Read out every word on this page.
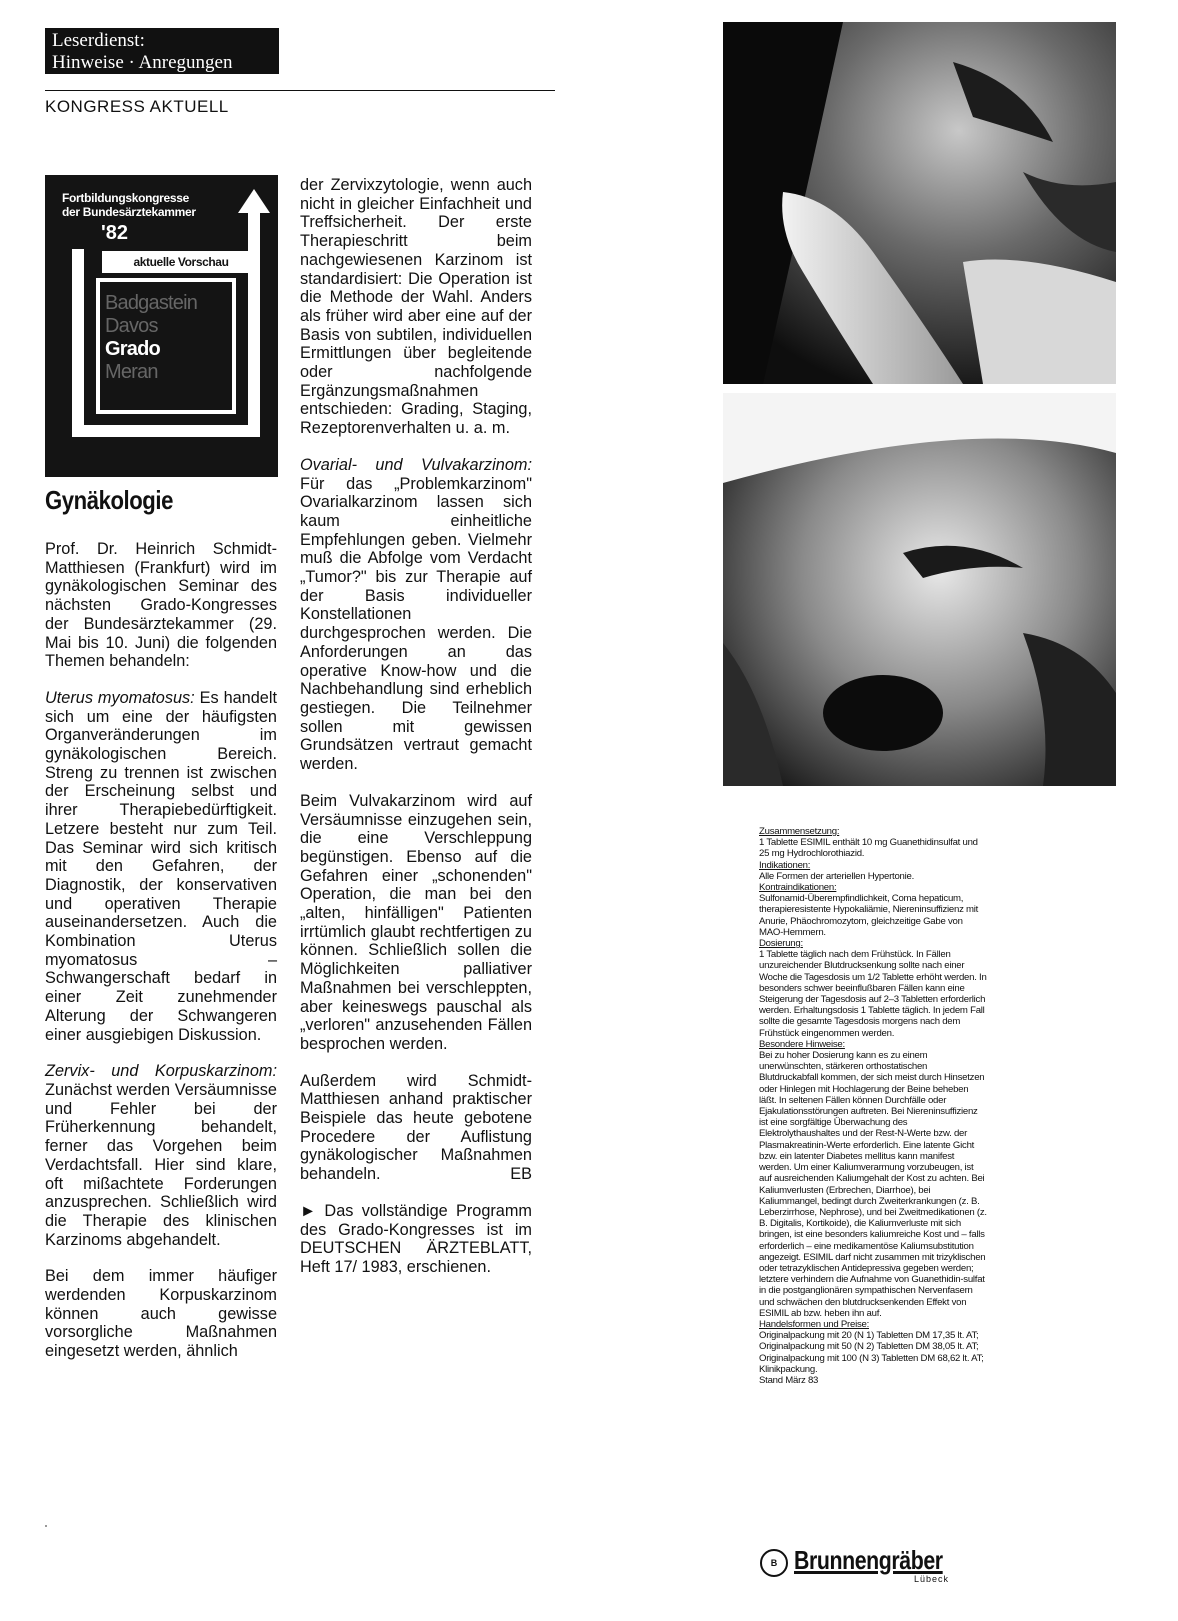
Leserdienst:
Hinweise · Anregungen
KONGRESS AKTUELL
Fortbildungskongresse
der Bundesärztekammer
'82
aktuelle Vorschau
Badgastein
Davos
Grado
Meran
Gynäkologie

Prof. Dr. Heinrich Schmidt-Matthiesen (Frankfurt) wird im gynäkologischen Seminar des nächsten Grado-Kongresses der Bundesärztekammer (29. Mai bis 10. Juni) die folgenden Themen behandeln:

Uterus myomatosus: Es handelt sich um eine der häufigsten Organveränderungen im gynäkologischen Bereich. Streng zu trennen ist zwischen der Erscheinung selbst und ihrer Therapiebedürftigkeit. Letzere besteht nur zum Teil. Das Seminar wird sich kritisch mit den Gefahren, der Diagnostik, der konservativen und operativen Therapie auseinandersetzen. Auch die Kombination Uterus myomatosus – Schwangerschaft bedarf in einer Zeit zunehmender Alterung der Schwangeren einer ausgiebigen Diskussion.

Zervix- und Korpuskarzinom: Zunächst werden Versäumnisse und Fehler bei der Früherkennung behandelt, ferner das Vorgehen beim Verdachtsfall. Hier sind klare, oft mißachtete Forderungen anzusprechen. Schließlich wird die Therapie des klinischen Karzinoms abgehandelt.

Bei dem immer häufiger werdenden Korpuskarzinom können auch gewisse vorsorgliche Maßnahmen eingesetzt werden, ähnlich

der Zervixzytologie, wenn auch nicht in gleicher Einfachheit und Treffsicherheit. Der erste Therapieschritt beim nachgewiesenen Karzinom ist standardisiert: Die Operation ist die Methode der Wahl. Anders als früher wird aber eine auf der Basis von subtilen, individuellen Ermittlungen über begleitende oder nachfolgende Ergänzungsmaßnahmen entschieden: Grading, Staging, Rezeptorenverhalten u. a. m.

Ovarial- und Vulvakarzinom: Für das „Problemkarzinom" Ovarialkarzinom lassen sich kaum einheitliche Empfehlungen geben. Vielmehr muß die Abfolge vom Verdacht „Tumor?" bis zur Therapie auf der Basis individueller Konstellationen durchgesprochen werden. Die Anforderungen an das operative Know-how und die Nachbehandlung sind erheblich gestiegen. Die Teilnehmer sollen mit gewissen Grundsätzen vertraut gemacht werden.

Beim Vulvakarzinom wird auf Versäumnisse einzugehen sein, die eine Verschleppung begünstigen. Ebenso auf die Gefahren einer „schonenden" Operation, die man bei den „alten, hinfälligen" Patienten irrtümlich glaubt rechtfertigen zu können. Schließlich sollen die Möglichkeiten palliativer Maßnahmen bei verschleppten, aber keineswegs pauschal als „verloren" anzusehenden Fällen besprochen werden.

Außerdem wird Schmidt-Matthiesen anhand praktischer Beispiele das heute gebotene Procedere der Auflistung gynäkologischer Maßnahmen behandeln.	EB

► Das vollständige Programm des Grado-Kongresses ist im DEUTSCHEN ÄRZTEBLATT, Heft 17/ 1983, erschienen.

Zusammensetzung:
1 Tablette ESIMIL enthält 10 mg Guanethidinsulfat und 25 mg Hydrochlorothiazid.
Indikationen:
Alle Formen der arteriellen Hypertonie.
Kontraindikationen:
Sulfonamid-Überempfindlichkeit, Coma hepaticum, therapieresistente Hypokaliämie, Niereninsuffizienz mit Anurie, Phäochromozytom, gleichzeitige Gabe von MAO-Hemmern.
Dosierung:
1 Tablette täglich nach dem Frühstück. In Fällen unzureichender Blutdrucksenkung sollte nach einer Woche die Tagesdosis um 1/2 Tablette erhöht werden. In besonders schwer beeinflußbaren Fällen kann eine Steigerung der Tagesdosis auf 2–3 Tabletten erforderlich werden. Erhaltungsdosis 1 Tablette täglich. In jedem Fall sollte die gesamte Tagesdosis morgens nach dem Frühstück eingenommen werden.
Besondere Hinweise:
Bei zu hoher Dosierung kann es zu einem unerwünschten, stärkeren orthostatischen Blutdruckabfall kommen, der sich meist durch Hinsetzen oder Hinlegen mit Hochlagerung der Beine beheben läßt. In seltenen Fällen können Durchfälle oder Ejakulationsstörungen auftreten. Bei Niereninsuffizienz ist eine sorgfältige Überwachung des Elektrolythaushaltes und der Rest-N-Werte bzw. der Plasmakreatinin-Werte erforderlich. Eine latente Gicht bzw. ein latenter Diabetes mellitus kann manifest werden. Um einer Kaliumverarmung vorzubeugen, ist auf ausreichenden Kaliumgehalt der Kost zu achten. Bei Kaliumverlusten (Erbrechen, Diarrhoe), bei Kaliummangel, bedingt durch Zweiterkrankungen (z. B. Leberzirrhose, Nephrose), und bei Zweitmedikationen (z. B. Digitalis, Kortikoide), die Kaliumverluste mit sich bringen, ist eine besonders kaliumreiche Kost und – falls erforderlich – eine medikamentöse Kaliumsubstitution angezeigt. ESIMIL darf nicht zusammen mit trizyklischen oder tetrazyklischen Antidepressiva gegeben werden; letztere verhindern die Aufnahme von Guanethidin-sulfat in die postganglionären sympathischen Nervenfasern und schwächen den blutdrucksenkenden Effekt von ESIMIL ab bzw. heben ihn auf.
Handelsformen und Preise:
Originalpackung mit 20 (N 1) Tabletten DM 17,35 lt. AT; Originalpackung mit 50 (N 2) Tabletten DM 38,05 lt. AT; Originalpackung mit 100 (N 3) Tabletten DM 68,62 lt. AT; Klinikpackung.
Stand März 83
B Brunnengräber
Lübeck
